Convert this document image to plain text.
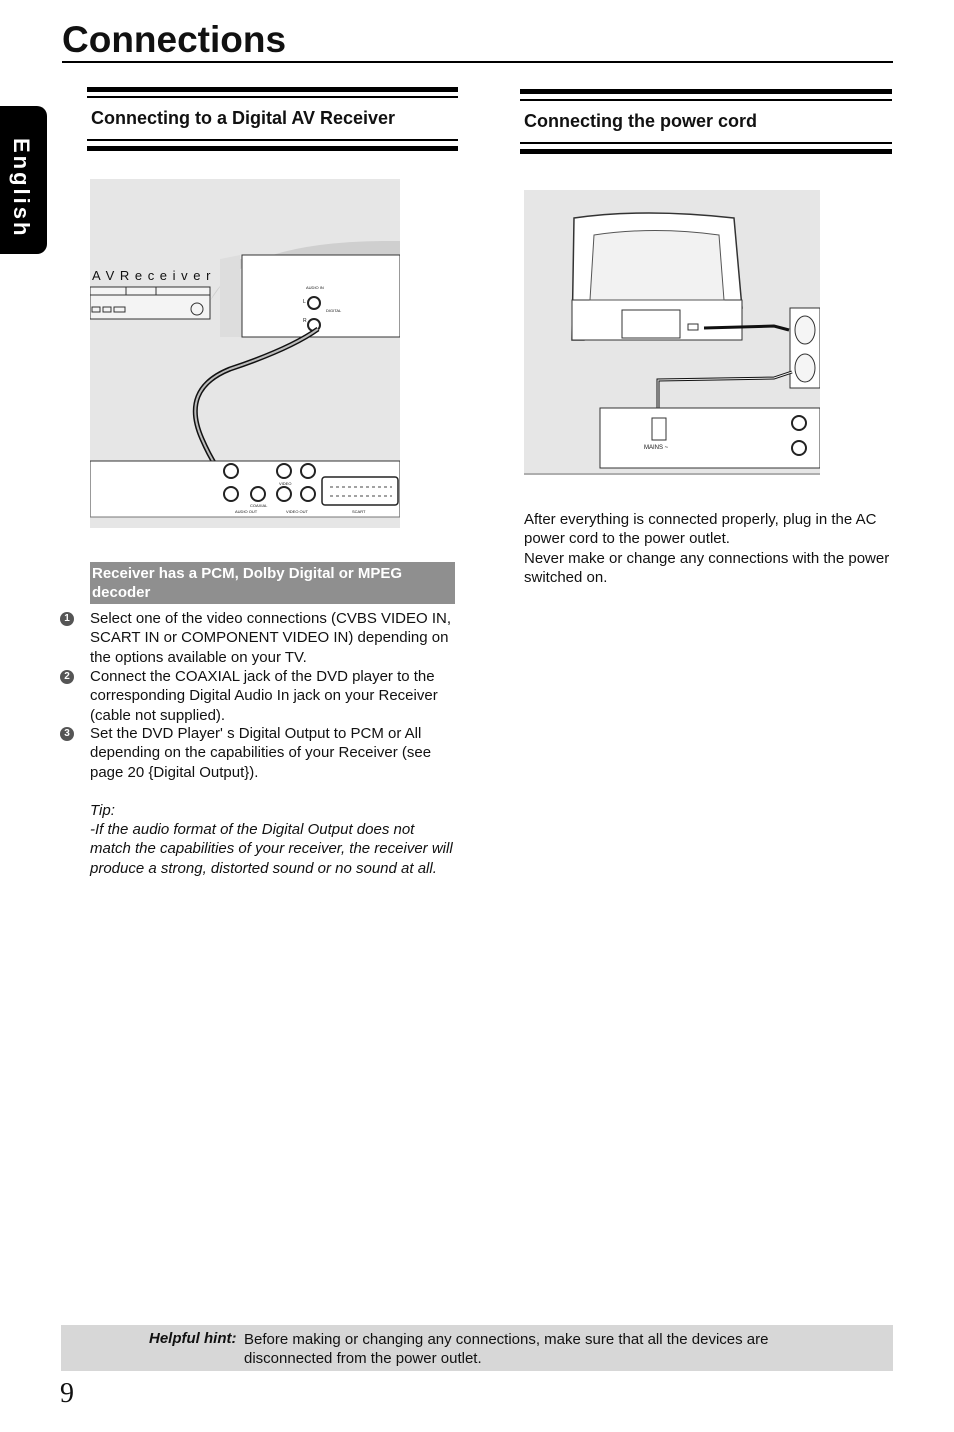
Connections
English
Connecting to a Digital AV Receiver
A V R e c e i v e r
AUDIO IN
L
R
DIGITAL
COAXIAL
AUDIO OUT
VIDEO
VIDEO OUT	SCART
Receiver has a PCM, Dolby Digital or MPEG decoder
1 Select one of the video connections (CVBS VIDEO IN, SCART IN or COMPONENT VIDEO IN) depending on the options available on your TV.
2 Connect the COAXIAL jack of the DVD player to the corresponding Digital Audio In jack on your Receiver (cable not supplied).
3 Set the DVD Player' s Digital Output to PCM or All depending on the capabilities of your Receiver (see page 20 {Digital Output}).
Tip:
-If the audio format of the Digital Output does not match the capabilities of your receiver, the receiver will produce a strong, distorted sound or no sound at all.
Connecting the power cord
MAINS ~
After everything is connected properly, plug in the AC power cord to the power outlet.
Never make or change any connections with the power switched on.
Helpful hint: Before making or changing any connections, make sure that all the devices are disconnected from the power outlet.
9
